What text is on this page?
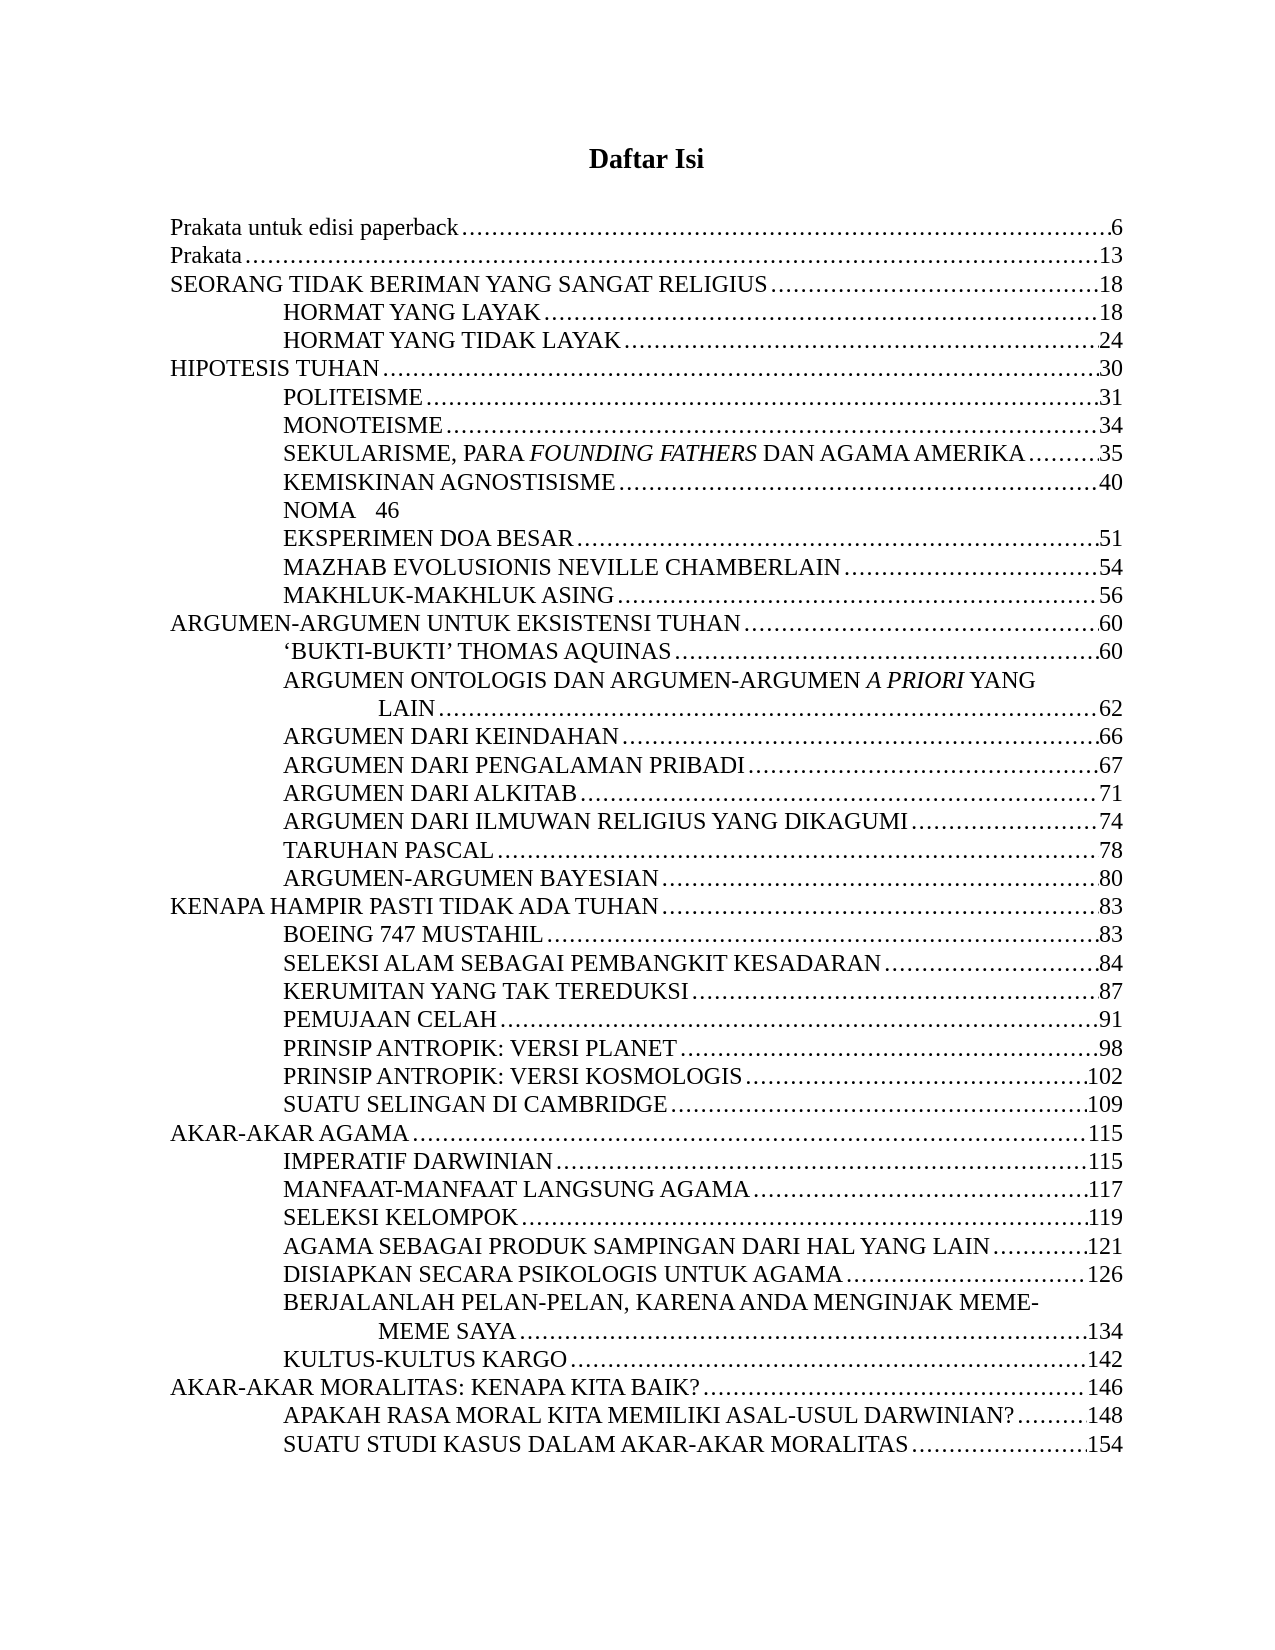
Daftar Isi
Prakata untuk edisi paperback .....	6
Prakata .....	13
SEORANG TIDAK BERIMAN YANG SANGAT RELIGIUS .....	18
HORMAT YANG LAYAK .....	18
HORMAT YANG TIDAK LAYAK .....	24
HIPOTESIS TUHAN .....	30
POLITEISME .....	31
MONOTEISME .....	34
SEKULARISME, PARA FOUNDING FATHERS DAN AGAMA AMERIKA .....	35
KEMISKINAN AGNOSTISISME .....	40
NOMA 46
EKSPERIMEN DOA BESAR .....	51
MAZHAB EVOLUSIONIS NEVILLE CHAMBERLAIN .....	54
MAKHLUK-MAKHLUK ASING .....	56
ARGUMEN-ARGUMEN UNTUK EKSISTENSI TUHAN .....	60
‘BUKTI-BUKTI’ THOMAS AQUINAS .....	60
ARGUMEN ONTOLOGIS DAN ARGUMEN-ARGUMEN A PRIORI YANG
LAIN .....	62
ARGUMEN DARI KEINDAHAN .....	66
ARGUMEN DARI PENGALAMAN PRIBADI .....	67
ARGUMEN DARI ALKITAB .....	71
ARGUMEN DARI ILMUWAN RELIGIUS YANG DIKAGUMI .....	74
TARUHAN PASCAL .....	78
ARGUMEN-ARGUMEN BAYESIAN .....	80
KENAPA HAMPIR PASTI TIDAK ADA TUHAN .....	83
BOEING 747 MUSTAHIL .....	83
SELEKSI ALAM SEBAGAI PEMBANGKIT KESADARAN .....	84
KERUMITAN YANG TAK TEREDUKSI .....	87
PEMUJAAN CELAH .....	91
PRINSIP ANTROPIK: VERSI PLANET .....	98
PRINSIP ANTROPIK: VERSI KOSMOLOGIS .....	102
SUATU SELINGAN DI CAMBRIDGE .....	109
AKAR-AKAR AGAMA .....	115
IMPERATIF DARWINIAN .....	115
MANFAAT-MANFAAT LANGSUNG AGAMA .....	117
SELEKSI KELOMPOK .....	119
AGAMA SEBAGAI PRODUK SAMPINGAN DARI HAL YANG LAIN .....	121
DISIAPKAN SECARA PSIKOLOGIS UNTUK AGAMA .....	126
BERJALANLAH PELAN-PELAN, KARENA ANDA MENGINJAK MEME-
MEME SAYA .....	134
KULTUS-KULTUS KARGO .....	142
AKAR-AKAR MORALITAS: KENAPA KITA BAIK? .....	146
APAKAH RASA MORAL KITA MEMILIKI ASAL-USUL DARWINIAN? .....	148
SUATU STUDI KASUS DALAM AKAR-AKAR MORALITAS .....	154
